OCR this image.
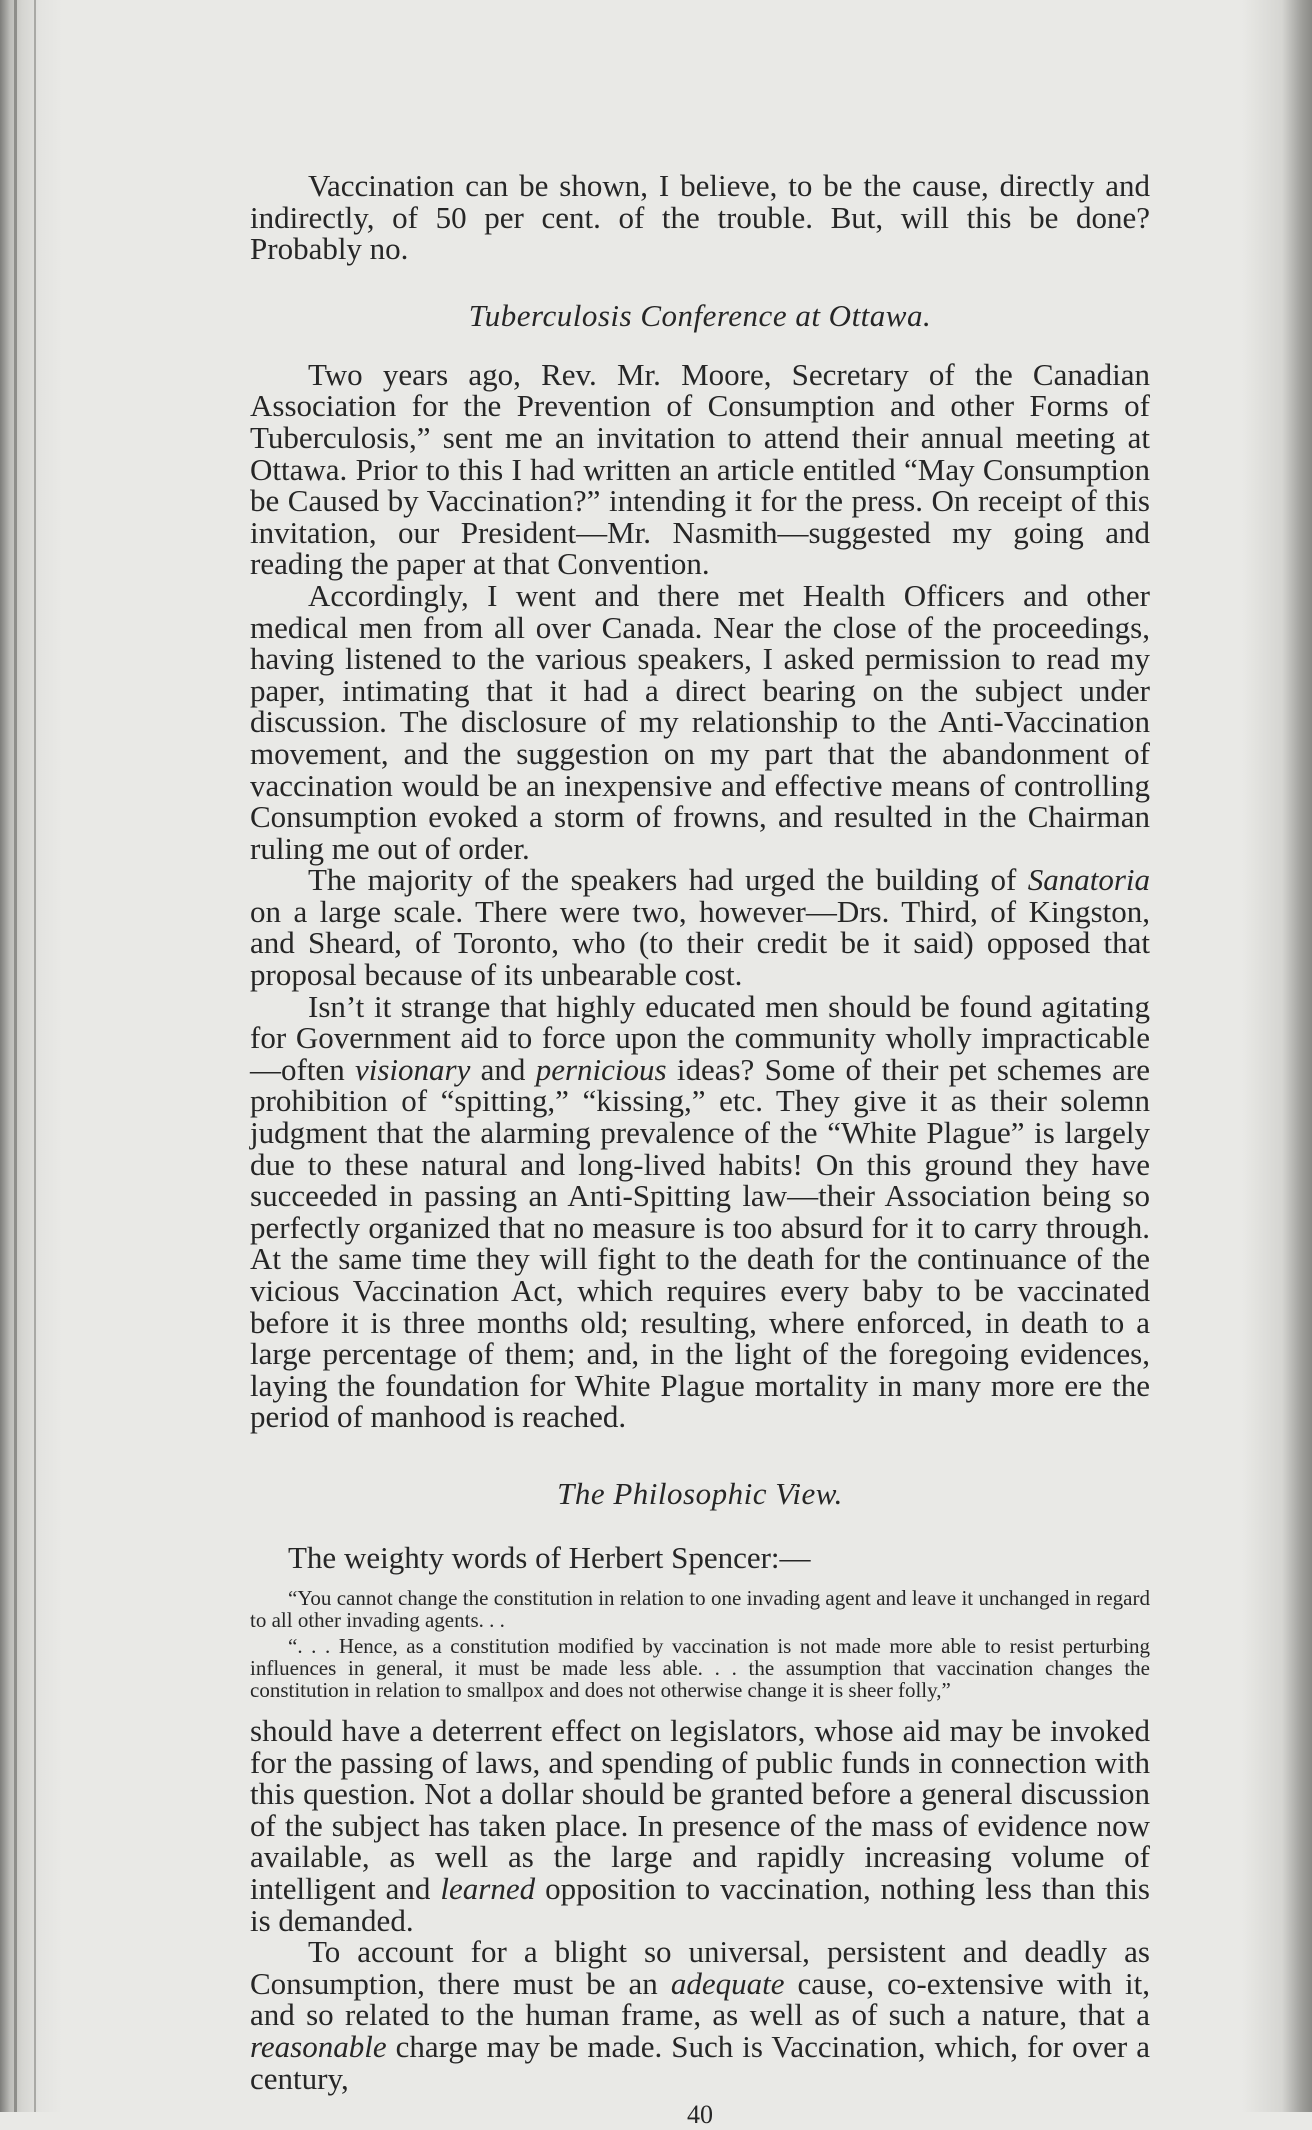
Vaccination can be shown, I believe, to be the cause, directly and indirectly, of 50 per cent. of the trouble. But, will this be done? Probably no.

Tuberculosis Conference at Ottawa.

Two years ago, Rev. Mr. Moore, Secretary of the Canadian Association for the Prevention of Consumption and other Forms of Tuberculosis,” sent me an invitation to attend their annual meeting at Ottawa. Prior to this I had written an article entitled “May Consumption be Caused by Vaccination?” intending it for the press. On receipt of this invitation, our President—Mr. Nasmith—suggested my going and reading the paper at that Convention.

Accordingly, I went and there met Health Officers and other medical men from all over Canada. Near the close of the proceedings, having listened to the various speakers, I asked permission to read my paper, intimating that it had a direct bearing on the subject under discussion. The disclosure of my relationship to the Anti-Vaccination movement, and the suggestion on my part that the abandonment of vaccination would be an inexpensive and effective means of controlling Consumption evoked a storm of frowns, and resulted in the Chairman ruling me out of order.

The majority of the speakers had urged the building of Sanatoria on a large scale. There were two, however—Drs. Third, of Kingston, and Sheard, of Toronto, who (to their credit be it said) opposed that proposal because of its unbearable cost.

Isn’t it strange that highly educated men should be found agitating for Government aid to force upon the community wholly impracticable —often visionary and pernicious ideas? Some of their pet schemes are prohibition of “spitting,” “kissing,” etc. They give it as their solemn judgment that the alarming prevalence of the “White Plague” is largely due to these natural and long-lived habits! On this ground they have succeeded in passing an Anti-Spitting law—their Association being so perfectly organized that no measure is too absurd for it to carry through. At the same time they will fight to the death for the continuance of the vicious Vaccination Act, which requires every baby to be vaccinated before it is three months old; resulting, where enforced, in death to a large percentage of them; and, in the light of the foregoing evidences, laying the foundation for White Plague mortality in many more ere the period of manhood is reached.

The Philosophic View.

The weighty words of Herbert Spencer:—

“You cannot change the constitution in relation to one invading agent and leave it unchanged in regard to all other invading agents. . .

“. . . Hence, as a constitution modified by vaccination is not made more able to resist perturbing influences in general, it must be made less able. . . the assumption that vaccination changes the constitution in relation to smallpox and does not otherwise change it is sheer folly,”

should have a deterrent effect on legislators, whose aid may be invoked for the passing of laws, and spending of public funds in connection with this question. Not a dollar should be granted before a general discussion of the subject has taken place. In presence of the mass of evidence now available, as well as the large and rapidly increasing volume of intelligent and learned opposition to vaccination, nothing less than this is demanded.

To account for a blight so universal, persistent and deadly as Consumption, there must be an adequate cause, co-extensive with it, and so related to the human frame, as well as of such a nature, that a reasonable charge may be made. Such is Vaccination, which, for over a century,

40
